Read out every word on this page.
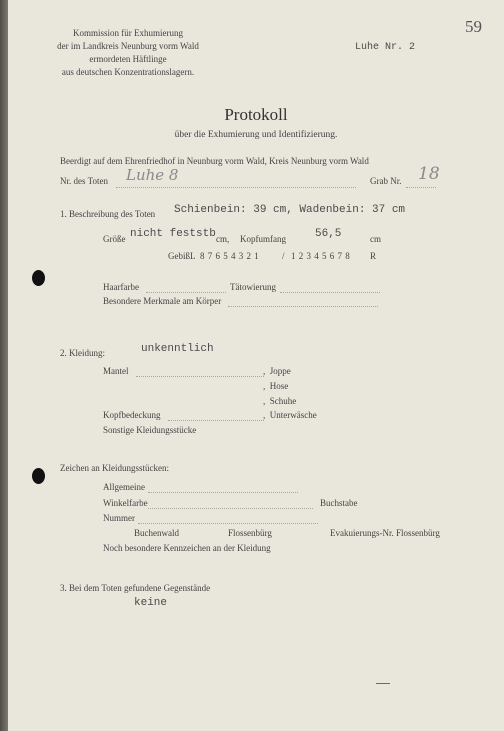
Kommission für Exhumierung
der im Landkreis Neunburg vorm Wald
ermordeten Häftlinge
aus deutschen Konzentrationslagern.
Luhe Nr. 2
59
Protokoll
über die Exhumierung und Identifizierung.
Beerdigt auf dem Ehrenfriedhof in Neunburg vorm Wald, Kreis Neunburg vorm Wald
Nr. des Toten Luhe 8	Grab Nr. 18
1. Beschreibung des Toten Schienbein: 39 cm, Wadenbein: 37 cm
Größe nicht feststb cm, Kopfumfang	56,5	cm
Gebiß L 8 7 6 5 4 3 2 1	/ 1 2 3 4 5 6 7 8 R
Haarfarbe	Tätowierung
Besondere Merkmale am Körper
2. Kleidung:	unkenntlich
Mantel	,  Joppe
,  Hose
,  Schuhe
Kopfbedeckung	,  Unterwäsche
Sonstige Kleidungsstücke
Zeichen an Kleidungsstücken:
Allgemeine
Winkelfarbe	Buchstabe
Nummer
Buchenwald	Flossenbürg	Evakuierungs-Nr. Flossenbürg
Noch besondere Kennzeichen an der Kleidung
3. Bei dem Toten gefundene Gegenstände
keine
